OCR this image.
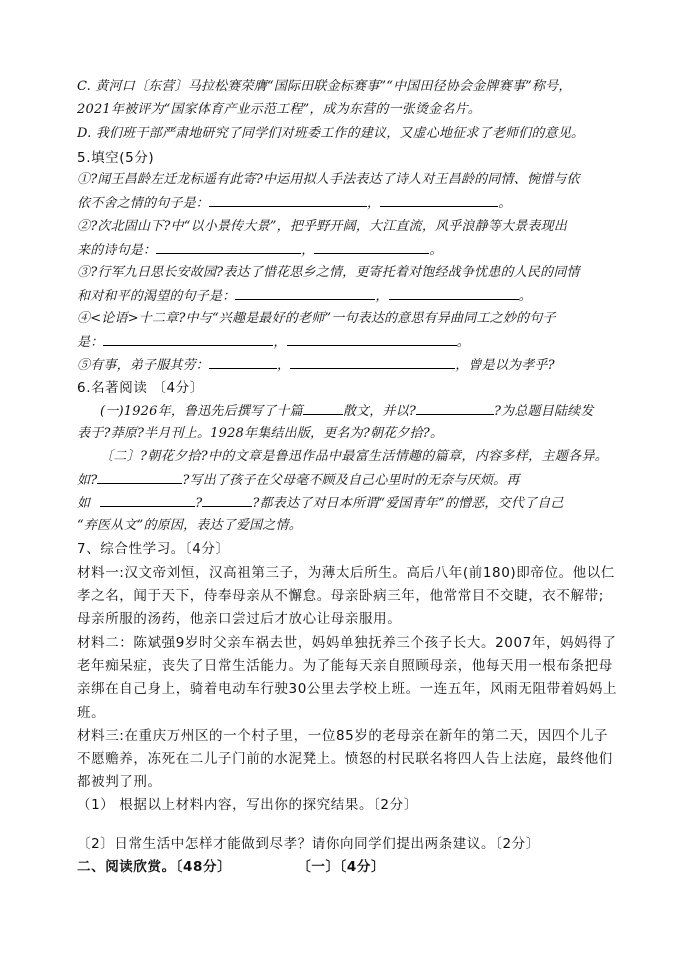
C. 黄河口〔东营〕马拉松赛荣膺“国际田联金标赛事”“中国田径协会金牌赛事”称号，
2021年被评为“国家体育产业示范工程”，成为东营的一张烫金名片。
D. 我们班干部严肃地研究了同学们对班委工作的建议，又虚心地征求了老师们的意见。
5.填空(5分)
①?闻王昌龄左迁龙标遥有此寄?中运用拟人手法表达了诗人对王昌龄的同情、惋惜与依
依不舍之情的句子是：	，	。
②?次北固山下?中“以小景传大景”，把乎野开阔，大江直流，风乎浪静等大景表现出
来的诗句是：	，	。
③?行军九日思长安故园?表达了惜花思乡之情，更寄托着对饱经战争忧患的人民的同情
和对和平的渴望的句子是：	，	。
④<论语>十二章?中与“兴趣是最好的老师”一句表达的意思有异曲同工之妙的句子
是：	，	。
⑤有事，弟子服其劳：	，	，曾是以为孝乎?
6.名著阅读 〔4分〕
(一)1926年，鲁迅先后撰写了十篇	散文，并以?	?为总题目陆续发
表于?莽原?半月刊上。1928年集结出版，更名为?朝花夕拾?。
〔二〕?朝花夕拾?中的文章是鲁迅作品中最富生活情趣的篇章，内容多样，主题各异。
如?	?写出了孩子在父母毫不顾及自己心里时的无奈与厌烦。再
如	?	?都表达了对日本所谓“爱国青年”的憎恶，交代了自己
“弃医从文”的原因，表达了爱国之情。
7、综合性学习。〔4分〕
材料一:汉文帝刘恒，汉高祖第三子，为薄太后所生。高后八年(前180)即帝位。他以仁
孝之名，闻于天下，侍奉母亲从不懈怠。母亲卧病三年，他常常目不交睫，衣不解带;
母亲所服的汤药，他亲口尝过后才放心让母亲服用。
材料二：陈斌强9岁时父亲车祸去世，妈妈单独抚养三个孩子长大。2007年，妈妈得了
老年痴呆症，丧失了日常生活能力。为了能每天亲自照顾母亲，他每天用一根布条把母
亲绑在自己身上，骑着电动车行驶30公里去学校上班。一连五年，风雨无阻带着妈妈上
班。
材料三:在重庆万州区的一个村子里，一位85岁的老母亲在新年的第二天，因四个儿子
不愿赡养，冻死在二儿子门前的水泥凳上。愤怒的村民联名将四人告上法庭，最终他们
都被判了刑。
（1） 根据以上材料内容，写出你的探究结果。〔2分〕
〔2〕日常生活中怎样才能做到尽孝？请你向同学们提出两条建议。〔2分〕
二、阅读欣赏。〔48分〕	〔一〕〔4分〕
